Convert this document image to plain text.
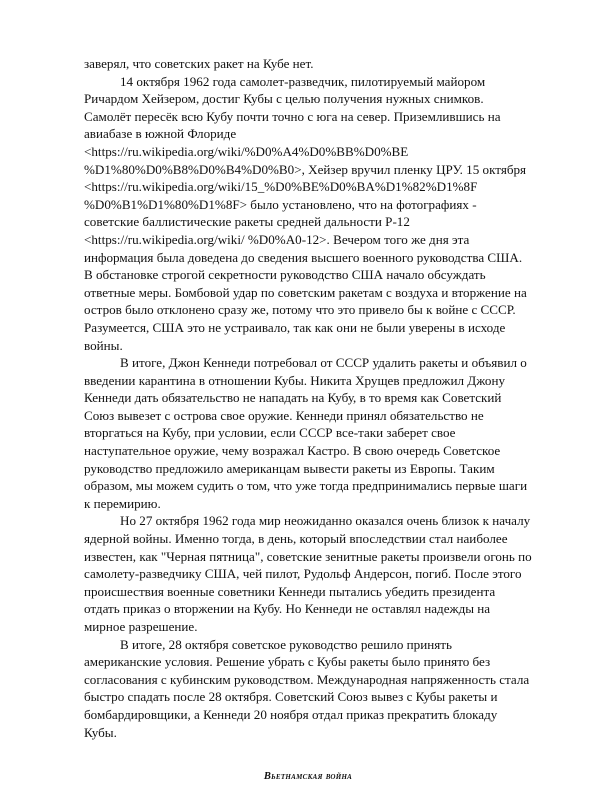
заверял, что советских ракет на Кубе нет.

14 октября 1962 года самолет-разведчик, пилотируемый майором Ричардом Хейзером, достиг Кубы с целью получения нужных снимков. Самолёт пересёк всю Кубу почти точно с юга на север. Приземлившись на авиабазе в южной Флориде <https://ru.wikipedia.org/wiki/%D0%A4%D0%BB%D0%BE %D1%80%D0%B8%D0%B4%D0%B0>, Хейзер вручил пленку ЦРУ. 15 октября <https://ru.wikipedia.org/wiki/15_%D0%BE%D0%BA%D1%82%D1%8F %D0%B1%D1%80%D1%8F> было установлено, что на фотографиях - советские баллистические ракеты средней дальности Р-12 <https://ru.wikipedia.org/wiki/ %D0%A0-12>. Вечером того же дня эта информация была доведена до сведения высшего военного руководства США. В обстановке строгой секретности руководство США начало обсуждать ответные меры. Бомбовой удар по советским ракетам с воздуха и вторжение на остров было отклонено сразу же, потому что это привело бы к войне с СССР. Разумеется, США это не устраивало, так как они не были уверены в исходе войны.

В итоге, Джон Кеннеди потребовал от СССР удалить ракеты и объявил о введении карантина в отношении Кубы. Никита Хрущев предложил Джону Кеннеди дать обязательство не нападать на Кубу, в то время как Советский Союз вывезет с острова свое оружие. Кеннеди принял обязательство не вторгаться на Кубу, при условии, если СССР все-таки заберет свое наступательное оружие, чему возражал Кастро. В свою очередь Советское руководство предложило американцам вывести ракеты из Европы. Таким образом, мы можем судить о том, что уже тогда предпринимались первые шаги к перемирию.

Но 27 октября 1962 года мир неожиданно оказался очень близок к началу ядерной войны. Именно тогда, в день, который впоследствии стал наиболее известен, как "Черная пятница", советские зенитные ракеты произвели огонь по самолету-разведчику США, чей пилот, Рудольф Андерсон, погиб. После этого происшествия военные советники Кеннеди пытались убедить президента отдать приказ о вторжении на Кубу. Но Кеннеди не оставлял надежды на мирное разрешение.

В итоге, 28 октября советское руководство решило принять американские условия. Решение убрать с Кубы ракеты было принято без согласования с кубинским руководством. Международная напряженность стала быстро спадать после 28 октября. Советский Союз вывез с Кубы ракеты и бомбардировщики, а Кеннеди 20 ноября отдал приказ прекратить блокаду Кубы.

Вьетнамская война
